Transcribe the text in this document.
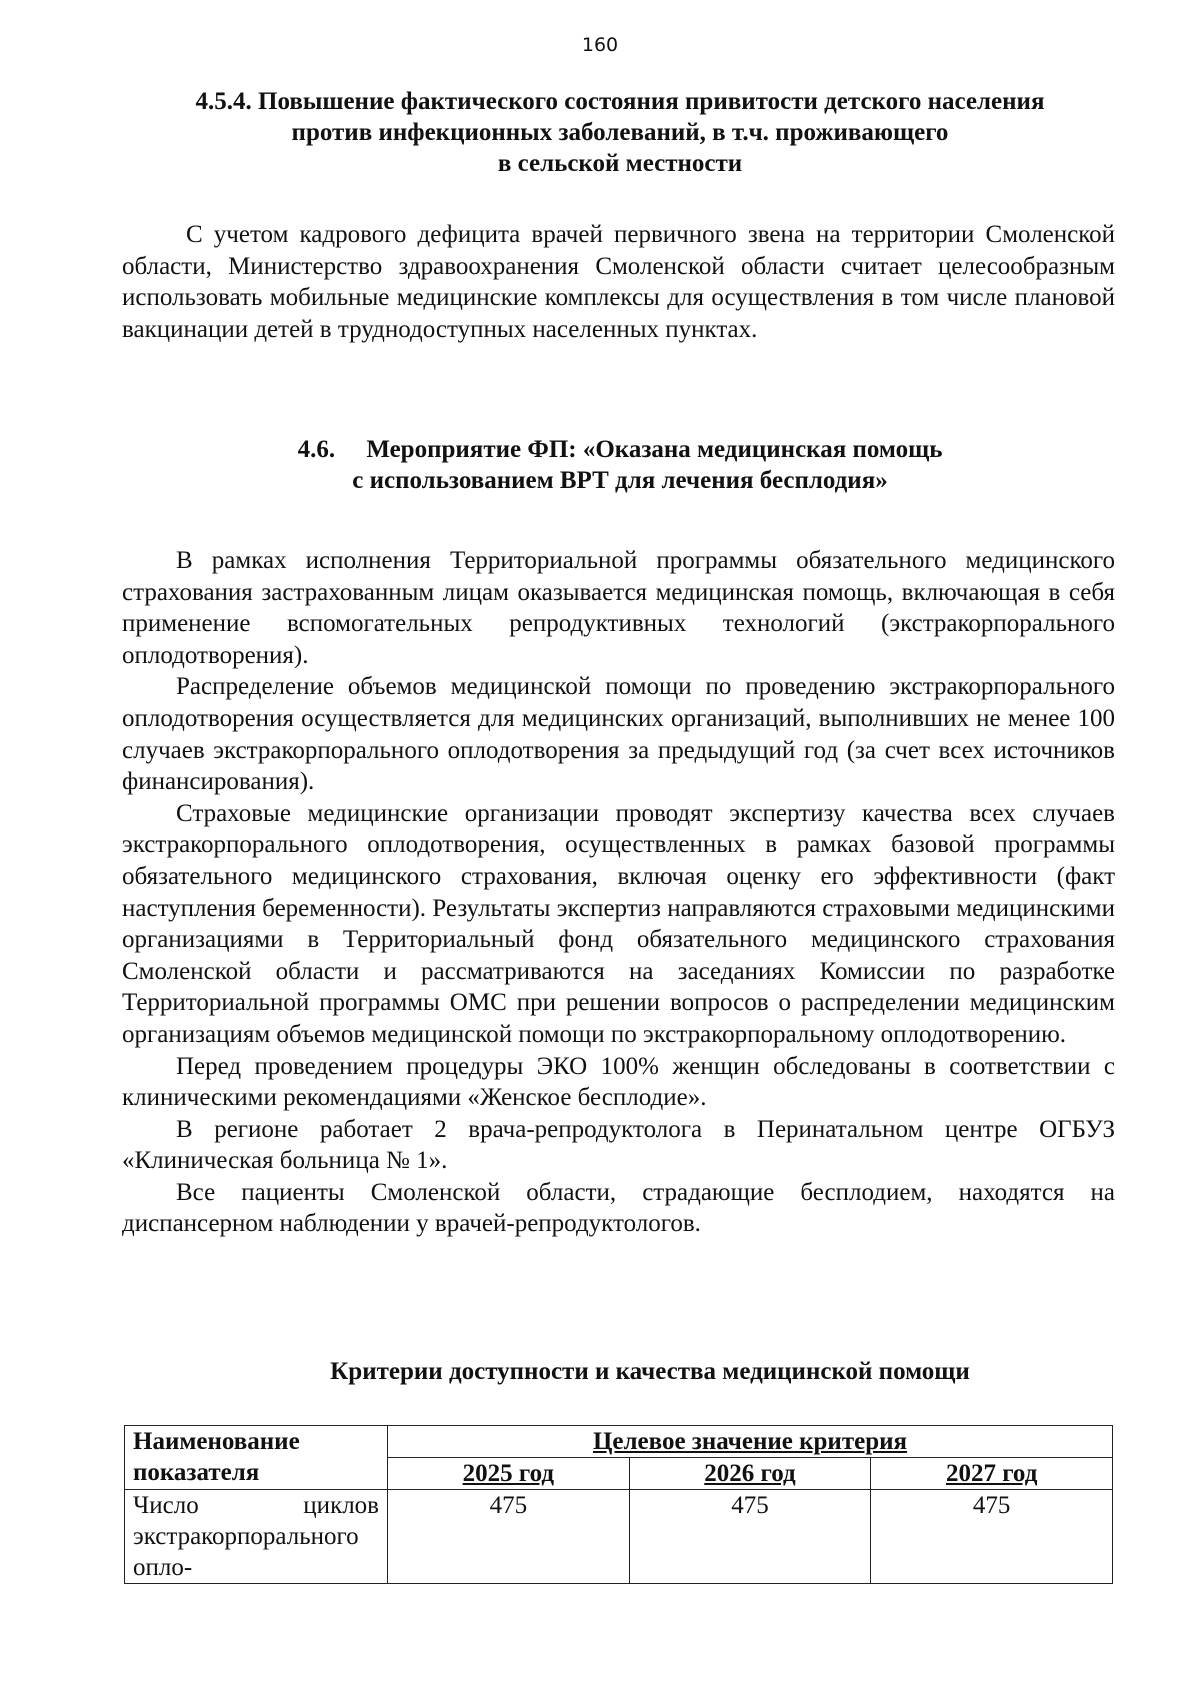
160
4.5.4. Повышение фактического состояния привитости детского населения
против инфекционных заболеваний, в т.ч. проживающего
в сельской местности

С учетом кадрового дефицита врачей первичного звена на территории Смоленской области, Министерство здравоохранения Смоленской области считает целесообразным использовать мобильные медицинские комплексы для осуществления в том числе плановой вакцинации детей в труднодоступных населенных пунктах.

4.6.     Мероприятие ФП: «Оказана медицинская помощь
с использованием ВРТ для лечения бесплодия»

В рамках исполнения Территориальной программы обязательного медицинского страхования застрахованным лицам оказывается медицинская помощь, включающая в себя применение вспомогательных репродуктивных технологий (экстракорпорального оплодотворения).

Распределение объемов медицинской помощи по проведению экстракорпорального оплодотворения осуществляется для медицинских организаций, выполнивших не менее 100 случаев экстракорпорального оплодотворения за предыдущий год (за счет всех источников финансирования).

Страховые медицинские организации проводят экспертизу качества всех случаев экстракорпорального оплодотворения, осуществленных в рамках базовой программы обязательного медицинского страхования, включая оценку его эффективности (факт наступления беременности). Результаты экспертиз направляются страховыми медицинскими организациями в Территориальный фонд обязательного медицинского страхования Смоленской области и рассматриваются на заседаниях Комиссии по разработке Территориальной программы ОМС при решении вопросов о распределении медицинским организациям объемов медицинской помощи по экстракорпоральному оплодотворению.

Перед проведением процедуры ЭКО 100% женщин обследованы в соответствии с клиническими рекомендациями «Женское бесплодие».

В регионе работает 2 врача-репродуктолога в Перинатальном центре ОГБУЗ «Клиническая больница № 1».

Все пациенты Смоленской области, страдающие бесплодием, находятся на диспансерном наблюдении у врачей-репродуктологов.

Критерии доступности и качества медицинской помощи
Наименование
показателя	Целевое значение критерия		
	2025 год	2026 год	2027 год
Число циклов экстракорпорального опло-	475	475	475
